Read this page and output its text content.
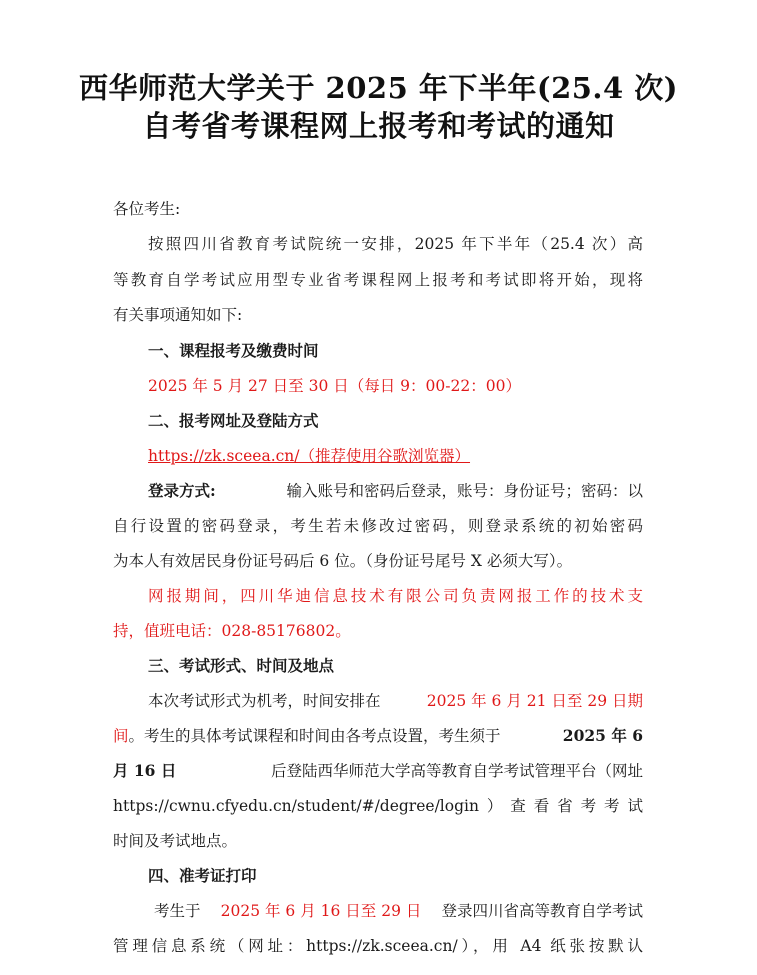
西华师范大学关于 2025 年下半年(25.4 次)
自考省考课程网上报考和考试的通知
各位考生:
按照四川省教育考试院统一安排，2025 年下半年（25.4 次）高
等教育自学考试应用型专业省考课程网上报考和考试即将开始，现将
有关事项通知如下:
一、课程报考及缴费时间
2025 年 5 月 27 日至 30 日（每日 9：00-22：00）
二、报考网址及登陆方式
https://zk.sceea.cn/（推荐使用谷歌浏览器）
登录方式:	输入账号和密码后登录，账号：身份证号；密码：以
自行设置的密码登录，考生若未修改过密码，则登录系统的初始密码
为本人有效居民身份证号码后 6 位。（身份证号尾号 X 必须大写）。
网报期间，四川华迪信息技术有限公司负责网报工作的技术支
持，值班电话：028-85176802。
三、考试形式、时间及地点
本次考试形式为机考，时间安排在	2025 年 6 月 21 日至 29 日期
间。考生的具体考试课程和时间由各考点设置，考生须于	2025 年 6
月 16 日	后登陆西华师范大学高等教育自学考试管理平台（网址
https://cwnu.cfyedu.cn/student/#/degree/login）查看省考考试
时间及考试地点。
四、准考证打印
考生于 2025 年 6 月 16 日至 29 日 登录四川省高等教育自学考试
管理信息系统（网址：https://zk.sceea.cn/），用 A4 纸张按默认
